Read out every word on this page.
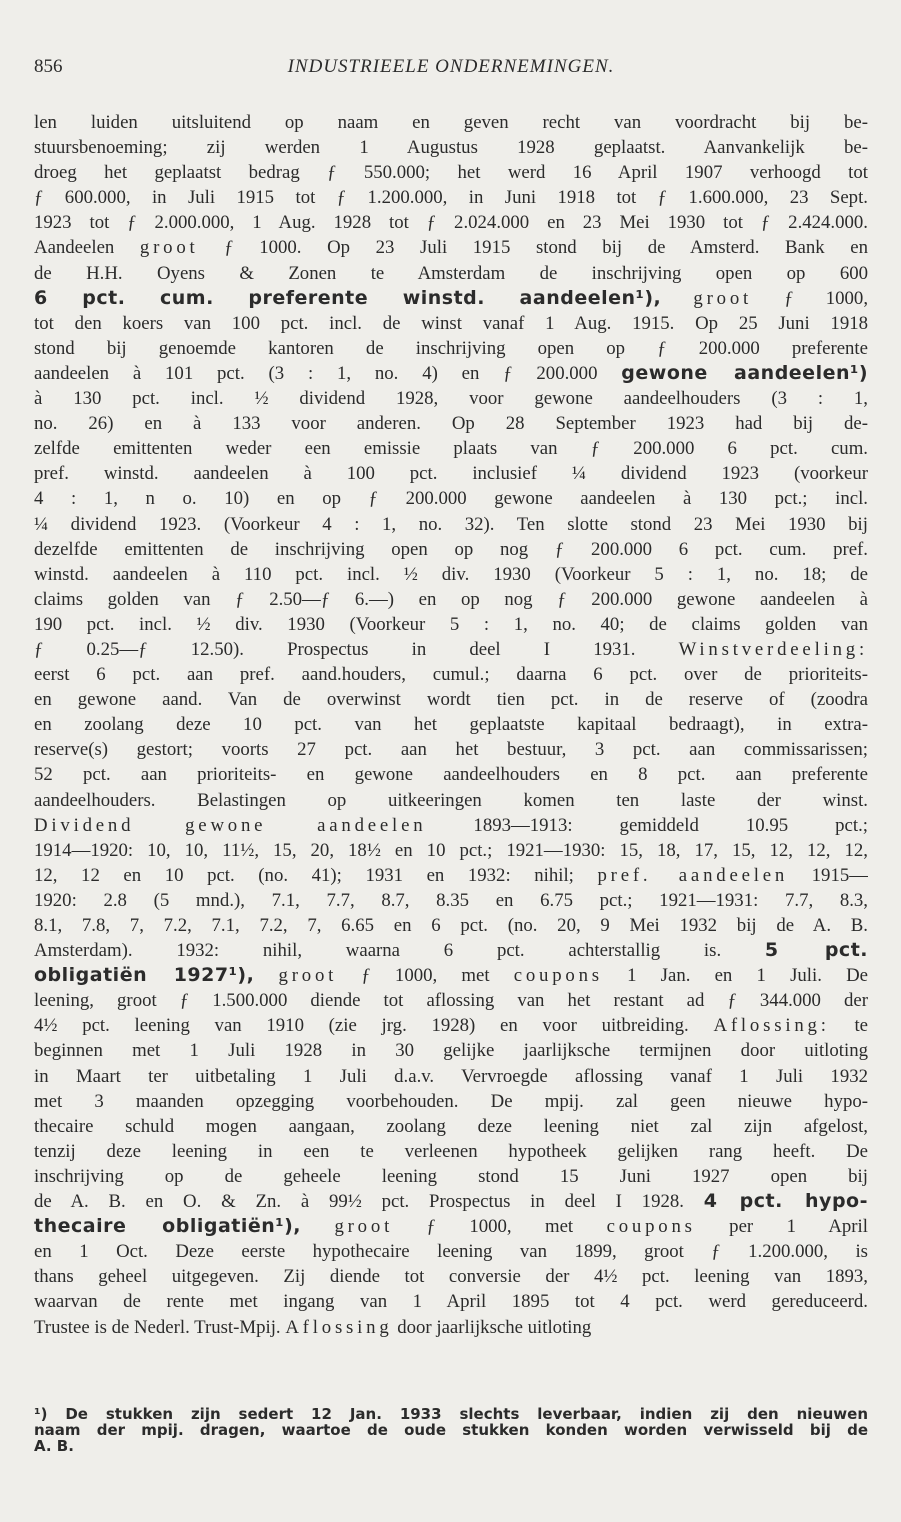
856	INDUSTRIEELE ONDERNEMINGEN.
len luiden uitsluitend op naam en geven recht van voordracht bij be-
stuursbenoeming; zij werden 1 Augustus 1928 geplaatst. Aanvankelijk be-
droeg het geplaatst bedrag ƒ 550.000; het werd 16 April 1907 verhoogd tot
ƒ 600.000, in Juli 1915 tot ƒ 1.200.000, in Juni 1918 tot ƒ 1.600.000, 23 Sept.
1923 tot ƒ 2.000.000, 1 Aug. 1928 tot ƒ 2.024.000 en 23 Mei 1930 tot ƒ 2.424.000.
Aandeelen groot ƒ 1000. Op 23 Juli 1915 stond bij de Amsterd. Bank en
de H.H. Oyens & Zonen te Amsterdam de inschrijving open op 600
6 pct. cum. preferente winstd. aandeelen¹), groot ƒ 1000,
tot den koers van 100 pct. incl. de winst vanaf 1 Aug. 1915. Op 25 Juni 1918
stond bij genoemde kantoren de inschrijving open op ƒ 200.000 preferente
aandeelen à 101 pct. (3 : 1, no. 4) en ƒ 200.000 gewone aandeelen¹)
à 130 pct. incl. ½ dividend 1928, voor gewone aandeelhouders (3 : 1,
no. 26) en à 133 voor anderen. Op 28 September 1923 had bij de-
zelfde emittenten weder een emissie plaats van ƒ 200.000 6 pct. cum.
pref. winstd. aandeelen à 100 pct. inclusief ¼ dividend 1923 (voorkeur
4 : 1, n o. 10) en op ƒ 200.000 gewone aandeelen à 130 pct.; incl.
¼ dividend 1923. (Voorkeur 4 : 1, no. 32). Ten slotte stond 23 Mei 1930 bij
dezelfde emittenten de inschrijving open op nog ƒ 200.000 6 pct. cum. pref.
winstd. aandeelen à 110 pct. incl. ½ div. 1930 (Voorkeur 5 : 1, no. 18; de
claims golden van ƒ 2.50—ƒ 6.—) en op nog ƒ 200.000 gewone aandeelen à
190 pct. incl. ½ div. 1930 (Voorkeur 5 : 1, no. 40; de claims golden van
ƒ 0.25—ƒ 12.50). Prospectus in deel I 1931. Winstverdeeling:
eerst 6 pct. aan pref. aand.houders, cumul.; daarna 6 pct. over de prioriteits-
en gewone aand. Van de overwinst wordt tien pct. in de reserve of (zoodra
en zoolang deze 10 pct. van het geplaatste kapitaal bedraagt), in extra-
reserve(s) gestort; voorts 27 pct. aan het bestuur, 3 pct. aan commissarissen;
52 pct. aan prioriteits- en gewone aandeelhouders en 8 pct. aan preferente
aandeelhouders. Belastingen op uitkeeringen komen ten laste der winst.
Dividend gewone aandeelen 1893—1913: gemiddeld 10.95 pct.;
1914—1920: 10, 10, 11½, 15, 20, 18½ en 10 pct.; 1921—1930: 15, 18, 17, 15, 12, 12, 12,
12, 12 en 10 pct. (no. 41); 1931 en 1932: nihil; pref. aandeelen 1915—
1920: 2.8 (5 mnd.), 7.1, 7.7, 8.7, 8.35 en 6.75 pct.; 1921—1931: 7.7, 8.3,
8.1, 7.8, 7, 7.2, 7.1, 7.2, 7, 6.65 en 6 pct. (no. 20, 9 Mei 1932 bij de A. B.
Amsterdam). 1932: nihil, waarna 6 pct. achterstallig is. 5 pct.
obligatiën 1927¹), groot ƒ 1000, met coupons 1 Jan. en 1 Juli. De
leening, groot ƒ 1.500.000 diende tot aflossing van het restant ad ƒ 344.000 der
4½ pct. leening van 1910 (zie jrg. 1928) en voor uitbreiding. Aflossing: te
beginnen met 1 Juli 1928 in 30 gelijke jaarlijksche termijnen door uitloting
in Maart ter uitbetaling 1 Juli d.a.v. Vervroegde aflossing vanaf 1 Juli 1932
met 3 maanden opzegging voorbehouden. De mpij. zal geen nieuwe hypo-
thecaire schuld mogen aangaan, zoolang deze leening niet zal zijn afgelost,
tenzij deze leening in een te verleenen hypotheek gelijken rang heeft. De
inschrijving op de geheele leening stond 15 Juni 1927 open bij
de A. B. en O. & Zn. à 99½ pct. Prospectus in deel I 1928. 4 pct. hypo-
thecaire obligatiën¹), groot ƒ 1000, met coupons per 1 April
en 1 Oct. Deze eerste hypothecaire leening van 1899, groot ƒ 1.200.000, is
thans geheel uitgegeven. Zij diende tot conversie der 4½ pct. leening van 1893,
waarvan de rente met ingang van 1 April 1895 tot 4 pct. werd gereduceerd.
Trustee is de Nederl. Trust-Mpij. Aflossing door jaarlijksche uitloting
¹) De stukken zijn sedert 12 Jan. 1933 slechts leverbaar, indien zij den nieuwen
naam der mpij. dragen, waartoe de oude stukken konden worden verwisseld bij de
A. B.
